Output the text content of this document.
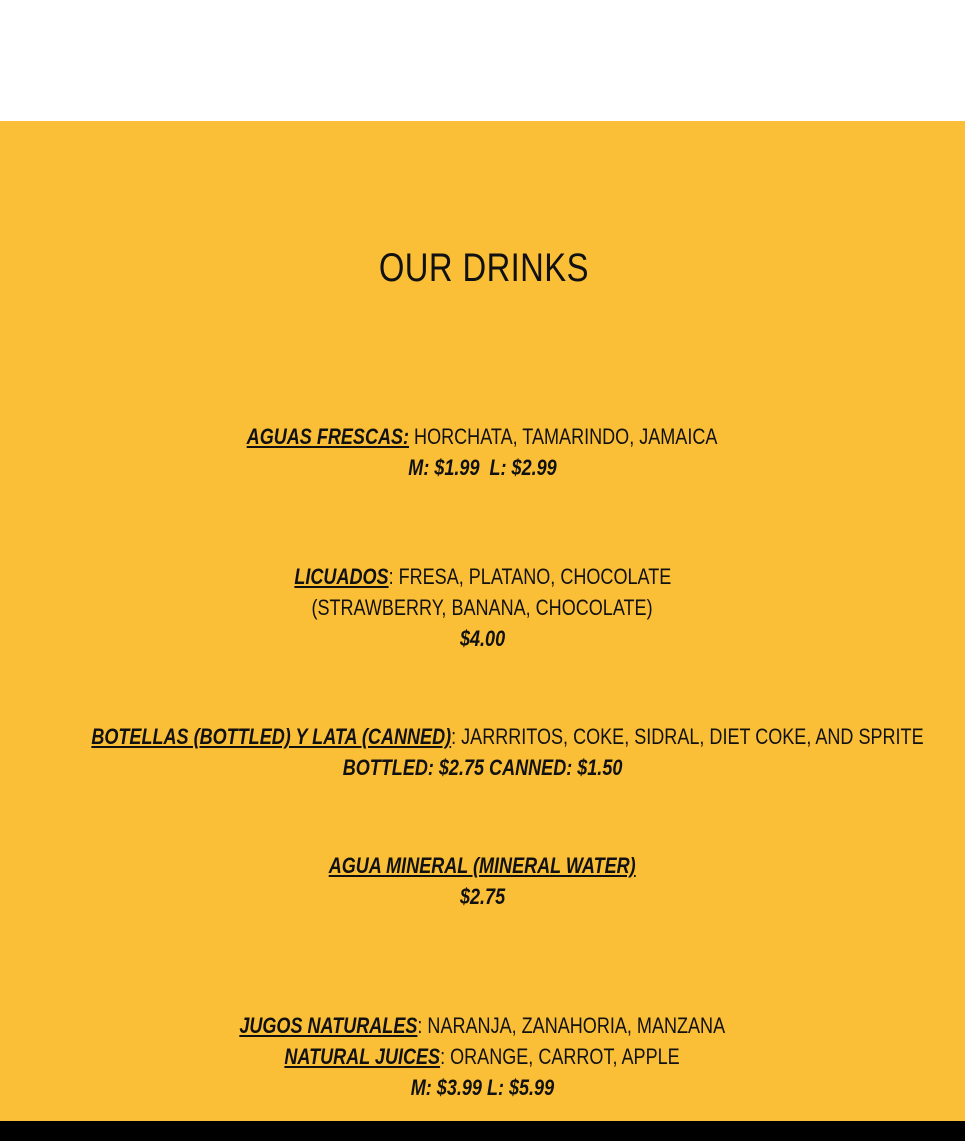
OUR DRINKS
AGUAS FRESCAS: HORCHATA, TAMARINDO, JAMAICA
M: $1.99  L: $2.99
LICUADOS: FRESA, PLATANO, CHOCOLATE
(STRAWBERRY, BANANA, CHOCOLATE)
$4.00
BOTELLAS (BOTTLED) Y LATA (CANNED): JARRRITOS, COKE, SIDRAL, DIET COKE, AND SPRITE
BOTTLED: $2.75 CANNED: $1.50
AGUA MINERAL (MINERAL WATER)
$2.75
JUGOS NATURALES: NARANJA, ZANAHORIA, MANZANA
NATURAL JUICES: ORANGE, CARROT, APPLE
M: $3.99 L: $5.99
